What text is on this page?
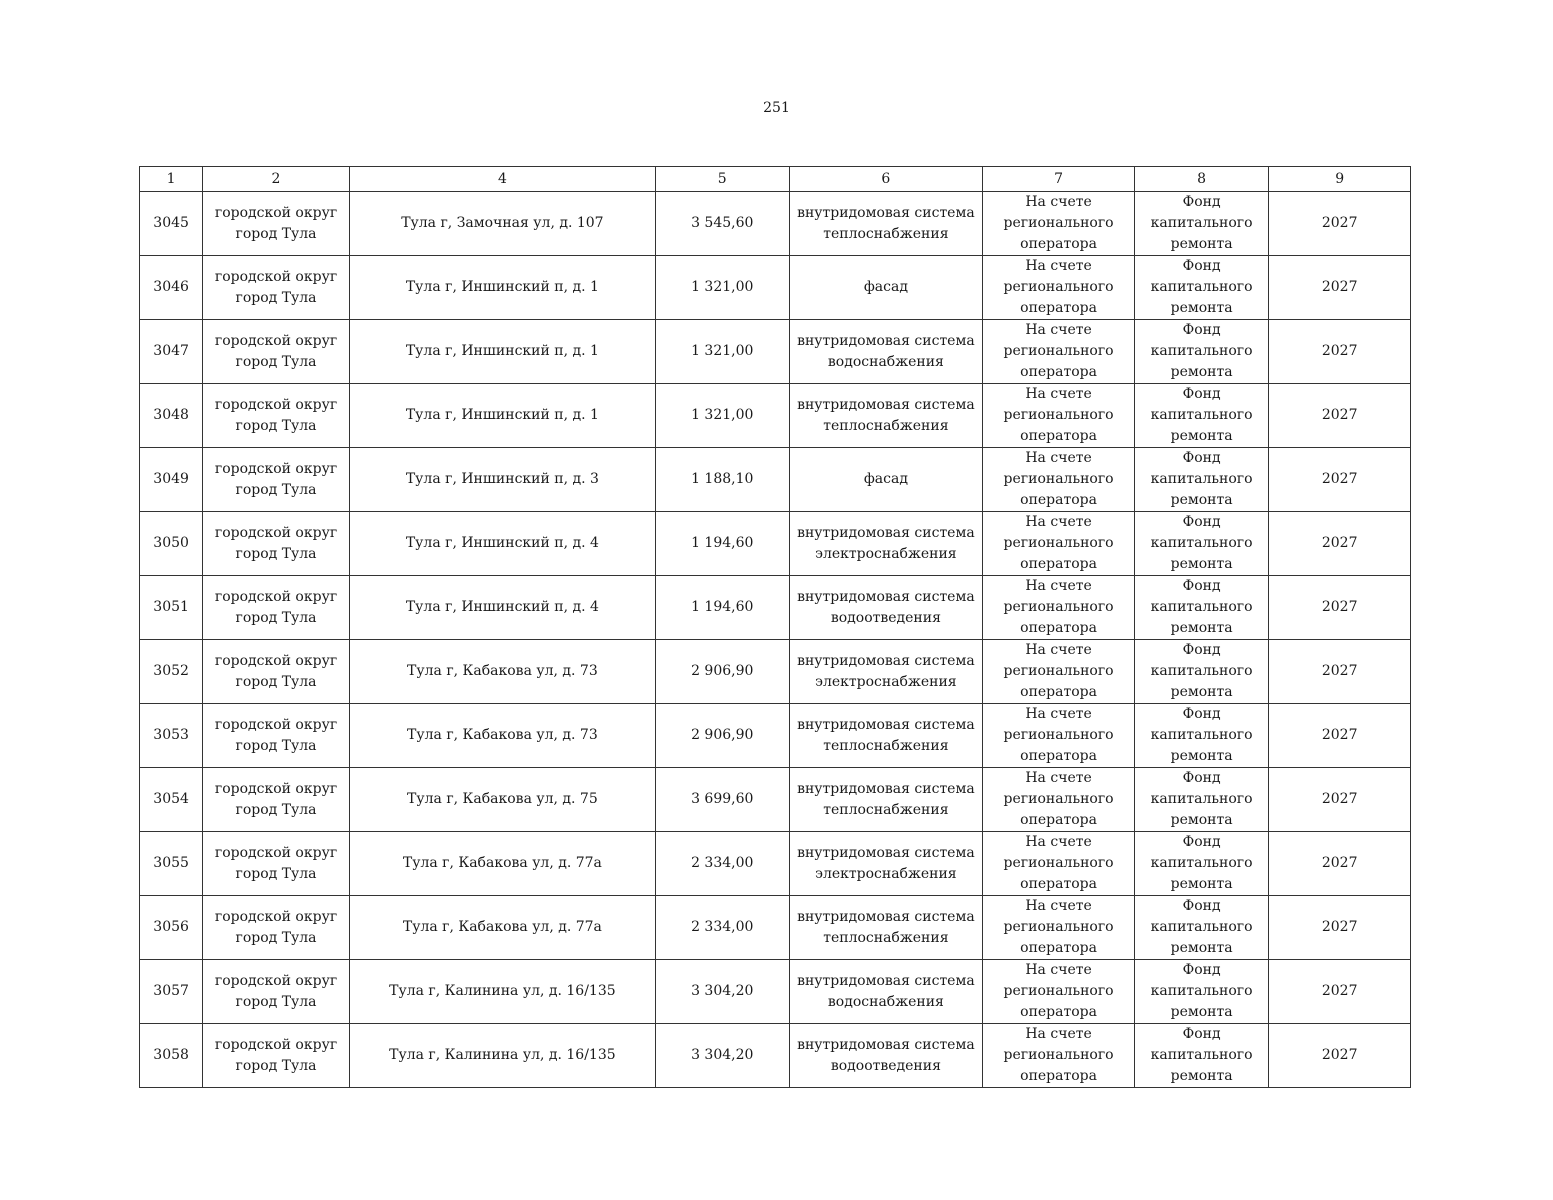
251
1	2	4	5	6	7	8	9
3045	городской округ город Тула	Тула г, Замочная ул, д. 107	3 545,60	внутридомовая система теплоснабжения	На счете регионального оператора	Фонд капитального ремонта	2027
3046	городской округ город Тула	Тула г, Иншинский п, д. 1	1 321,00	фасад	На счете регионального оператора	Фонд капитального ремонта	2027
3047	городской округ город Тула	Тула г, Иншинский п, д. 1	1 321,00	внутридомовая система водоснабжения	На счете регионального оператора	Фонд капитального ремонта	2027
3048	городской округ город Тула	Тула г, Иншинский п, д. 1	1 321,00	внутридомовая система теплоснабжения	На счете регионального оператора	Фонд капитального ремонта	2027
3049	городской округ город Тула	Тула г, Иншинский п, д. 3	1 188,10	фасад	На счете регионального оператора	Фонд капитального ремонта	2027
3050	городской округ город Тула	Тула г, Иншинский п, д. 4	1 194,60	внутридомовая система электроснабжения	На счете регионального оператора	Фонд капитального ремонта	2027
3051	городской округ город Тула	Тула г, Иншинский п, д. 4	1 194,60	внутридомовая система водоотведения	На счете регионального оператора	Фонд капитального ремонта	2027
3052	городской округ город Тула	Тула г, Кабакова ул, д. 73	2 906,90	внутридомовая система электроснабжения	На счете регионального оператора	Фонд капитального ремонта	2027
3053	городской округ город Тула	Тула г, Кабакова ул, д. 73	2 906,90	внутридомовая система теплоснабжения	На счете регионального оператора	Фонд капитального ремонта	2027
3054	городской округ город Тула	Тула г, Кабакова ул, д. 75	3 699,60	внутридомовая система теплоснабжения	На счете регионального оператора	Фонд капитального ремонта	2027
3055	городской округ город Тула	Тула г, Кабакова ул, д. 77а	2 334,00	внутридомовая система электроснабжения	На счете регионального оператора	Фонд капитального ремонта	2027
3056	городской округ город Тула	Тула г, Кабакова ул, д. 77а	2 334,00	внутридомовая система теплоснабжения	На счете регионального оператора	Фонд капитального ремонта	2027
3057	городской округ город Тула	Тула г, Калинина ул, д. 16/135	3 304,20	внутридомовая система водоснабжения	На счете регионального оператора	Фонд капитального ремонта	2027
3058	городской округ город Тула	Тула г, Калинина ул, д. 16/135	3 304,20	внутридомовая система водоотведения	На счете регионального оператора	Фонд капитального ремонта	2027
